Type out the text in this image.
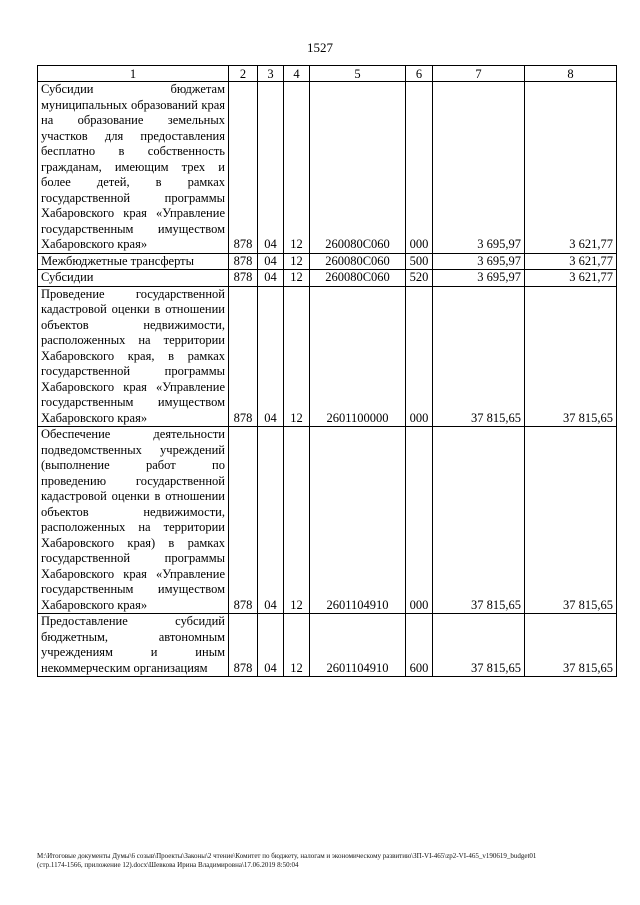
1527
1	2	3	4	5	6	7	8
Субсидии бюджетам муниципальных образований края на образование земельных участков для предоставления бесплатно в собственность гражданам, имеющим трех и более детей, в рамках государственной программы Хабаровского края «Управление государственным имуществом Хабаровского края»	878	04	12	260080С060	000	3 695,97	3 621,77
Межбюджетные трансферты	878	04	12	260080С060	500	3 695,97	3 621,77
Субсидии	878	04	12	260080С060	520	3 695,97	3 621,77
Проведение государственной кадастровой оценки в отношении объектов недвижимости, расположенных на территории Хабаровского края, в рамках государственной программы Хабаровского края «Управление государственным имуществом Хабаровского края»	878	04	12	2601100000	000	37 815,65	37 815,65
Обеспечение деятельности подведомственных учреждений (выполнение работ по проведению государственной кадастровой оценки в отношении объектов недвижимости, расположенных на территории Хабаровского края) в рамках государственной программы Хабаровского края «Управление государственным имуществом Хабаровского края»	878	04	12	2601104910	000	37 815,65	37 815,65
Предоставление субсидий бюджетным, автономным учреждениям и иным некоммерческим организациям	878	04	12	2601104910	600	37 815,65	37 815,65
М:\Итоговые документы Думы\6 созыв\Проекты\Законы\2 чтение\Комитет по бюджету, налогам и экономическому развитию\ЗП-VI-465\zp2-VI-465_v190619_budget01
(стр.1174-1566, приложение 12).docx\Шевкова Ирина Владимировна\17.06.2019 8:50:04
